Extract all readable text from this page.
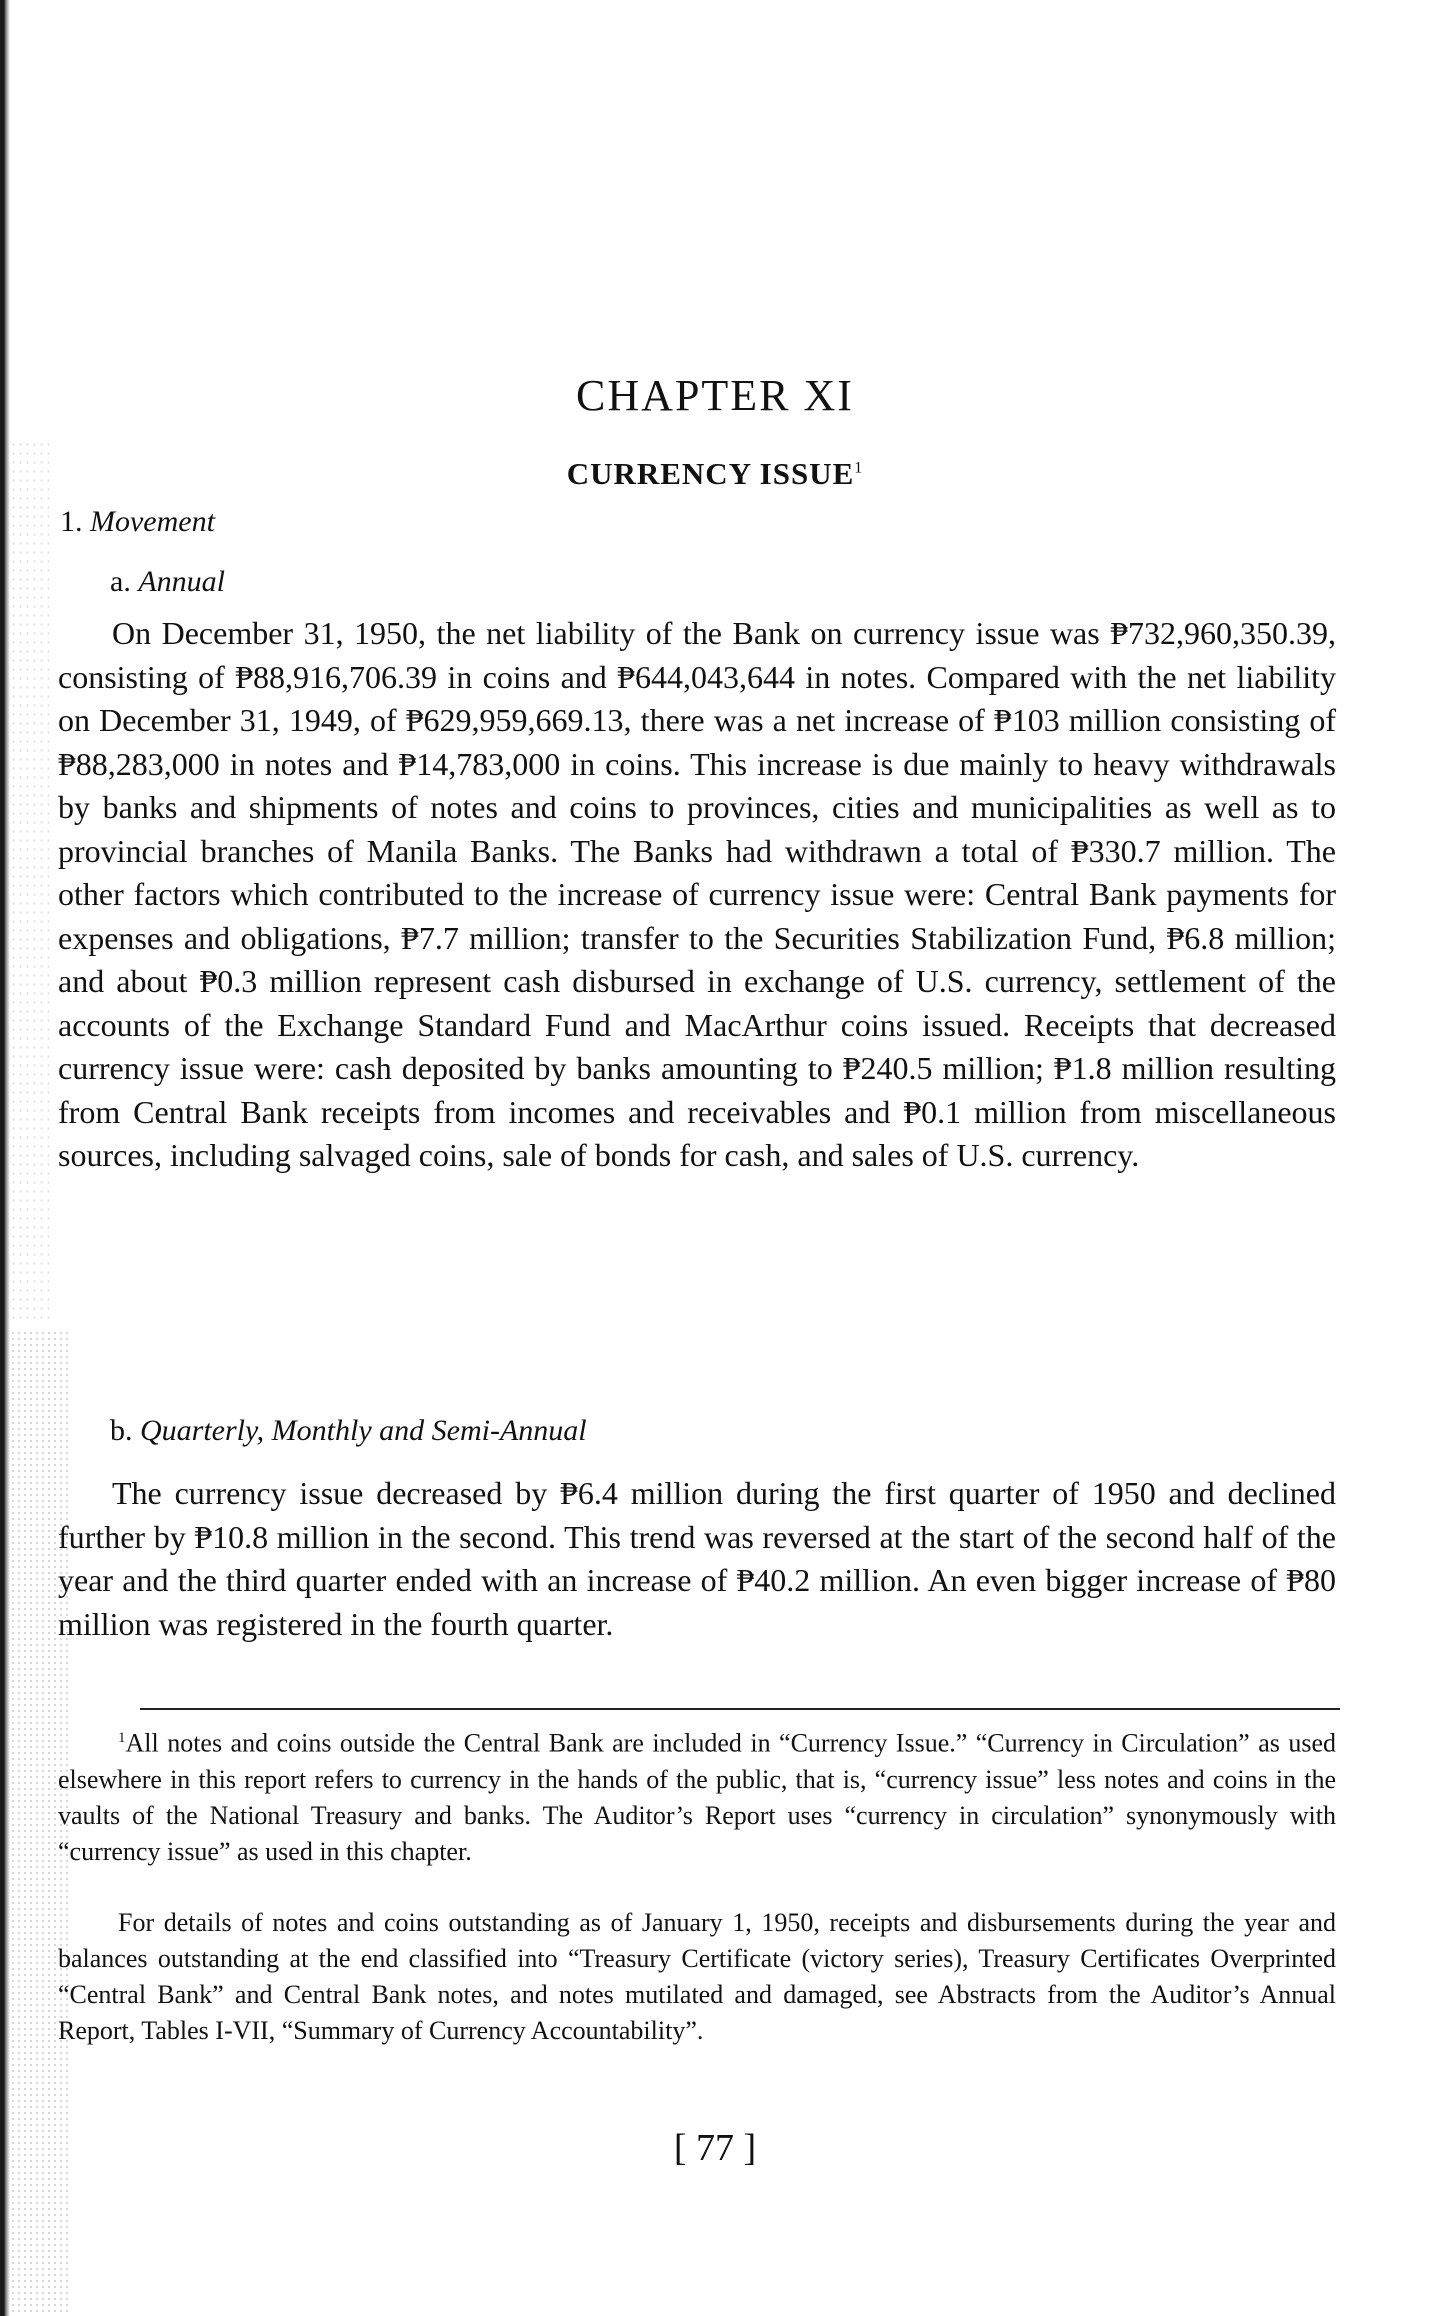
CHAPTER XI
CURRENCY ISSUE$^1$
1. Movement
a. Annual

On December 31, 1950, the net liability of the Bank on currency issue was ₱732,960,350.39, consisting of ₱88,916,706.39 in coins and ₱644,043,644 in notes. Compared with the net liability on December 31, 1949, of ₱629,959,669.13, there was a net increase of ₱103 million consisting of ₱88,283,000 in notes and ₱14,783,000 in coins. This increase is due mainly to heavy withdrawals by banks and shipments of notes and coins to provinces, cities and municipalities as well as to provincial branches of Manila Banks. The Banks had withdrawn a total of ₱330.7 million. The other factors which contributed to the increase of currency issue were: Central Bank payments for expenses and obligations, ₱7.7 million; transfer to the Securities Stabilization Fund, ₱6.8 million; and about ₱0.3 million represent cash disbursed in exchange of U.S. currency, settlement of the accounts of the Exchange Standard Fund and MacArthur coins issued. Receipts that decreased currency issue were: cash deposited by banks amounting to ₱240.5 million; ₱1.8 million resulting from Central Bank receipts from incomes and receivables and ₱0.1 million from miscellaneous sources, including salvaged coins, sale of bonds for cash, and sales of U.S. currency.

b. Quarterly, Monthly and Semi-Annual

The currency issue decreased by ₱6.4 million during the first quarter of 1950 and declined further by ₱10.8 million in the second. This trend was reversed at the start of the second half of the year and the third quarter ended with an increase of ₱40.2 million. An even bigger increase of ₱80 million was registered in the fourth quarter.

$^1$All notes and coins outside the Central Bank are included in “Currency Issue.” “Currency in Circulation” as used elsewhere in this report refers to currency in the hands of the public, that is, “currency issue” less notes and coins in the vaults of the National Treasury and banks. The Auditor’s Report uses “currency in circulation” synonymously with “currency issue” as used in this chapter.

For details of notes and coins outstanding as of January 1, 1950, receipts and disbursements during the year and balances outstanding at the end classified into “Treasury Certificate (victory series), Treasury Certificates Overprinted “Central Bank” and Central Bank notes, and notes mutilated and damaged, see Abstracts from the Auditor’s Annual Report, Tables I-VII, “Summary of Currency Accountability”.

[ 77 ]
